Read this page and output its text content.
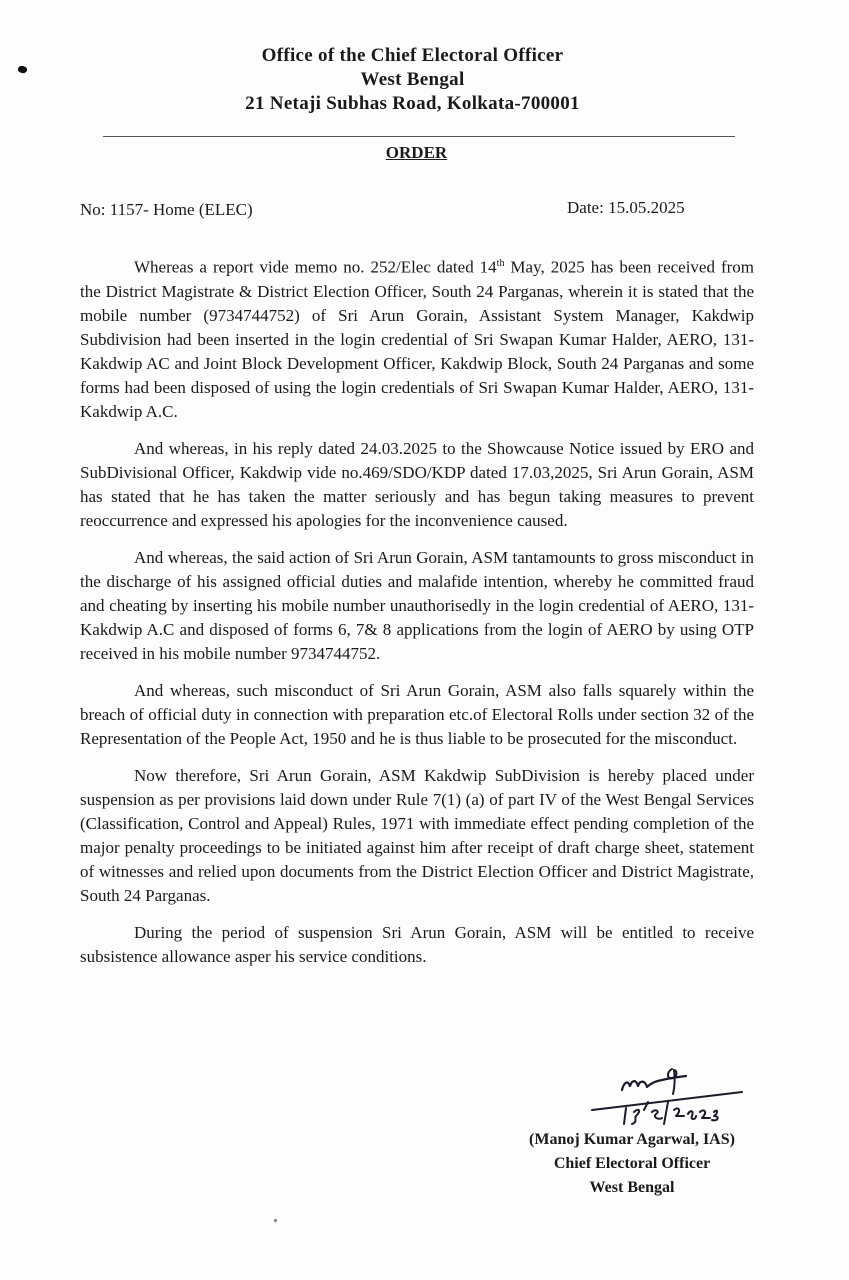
Office of the Chief Electoral Officer
West Bengal
21 Netaji Subhas Road, Kolkata-700001
ORDER
No: 1157- Home (ELEC)	Date: 15.05.2025

Whereas a report vide memo no. 252/Elec dated 14th May, 2025 has been received from the District Magistrate & District Election Officer, South 24 Parganas, wherein it is stated that the mobile number (9734744752) of Sri Arun Gorain, Assistant System Manager, Kakdwip Subdivision had been inserted in the login credential of Sri Swapan Kumar Halder, AERO, 131-Kakdwip AC and Joint Block Development Officer, Kakdwip Block, South 24 Parganas and some forms had been disposed of using the login credentials of Sri Swapan Kumar Halder, AERO, 131- Kakdwip A.C.

And whereas, in his reply dated 24.03.2025 to the Showcause Notice issued by ERO and SubDivisional Officer, Kakdwip vide no.469/SDO/KDP dated 17.03,2025, Sri Arun Gorain, ASM has stated that he has taken the matter seriously and has begun taking measures to prevent reoccurrence and expressed his apologies for the inconvenience caused.

And whereas, the said action of Sri Arun Gorain, ASM tantamounts to gross misconduct in the discharge of his assigned official duties and malafide intention, whereby he committed fraud and cheating by inserting his mobile number unauthorisedly in the login credential of AERO, 131- Kakdwip A.C and disposed of forms 6, 7& 8 applications from the login of AERO by using OTP received in his mobile number 9734744752.

And whereas, such misconduct of Sri Arun Gorain, ASM also falls squarely within the breach of official duty in connection with preparation etc.of Electoral Rolls under section 32 of the Representation of the People Act, 1950 and he is thus liable to be prosecuted for the misconduct.

Now therefore, Sri Arun Gorain, ASM Kakdwip SubDivision is hereby placed under suspension as per provisions laid down under Rule 7(1) (a) of part IV of the West Bengal Services (Classification, Control and Appeal) Rules, 1971 with immediate effect pending completion of the major penalty proceedings to be initiated against him after receipt of draft charge sheet, statement of witnesses and relied upon documents from the District Election Officer and District Magistrate, South 24 Parganas.

During the period of suspension Sri Arun Gorain, ASM will be entitled to receive subsistence allowance asper his service conditions.

(Manoj Kumar Agarwal, IAS)
Chief Electoral Officer
West Bengal
